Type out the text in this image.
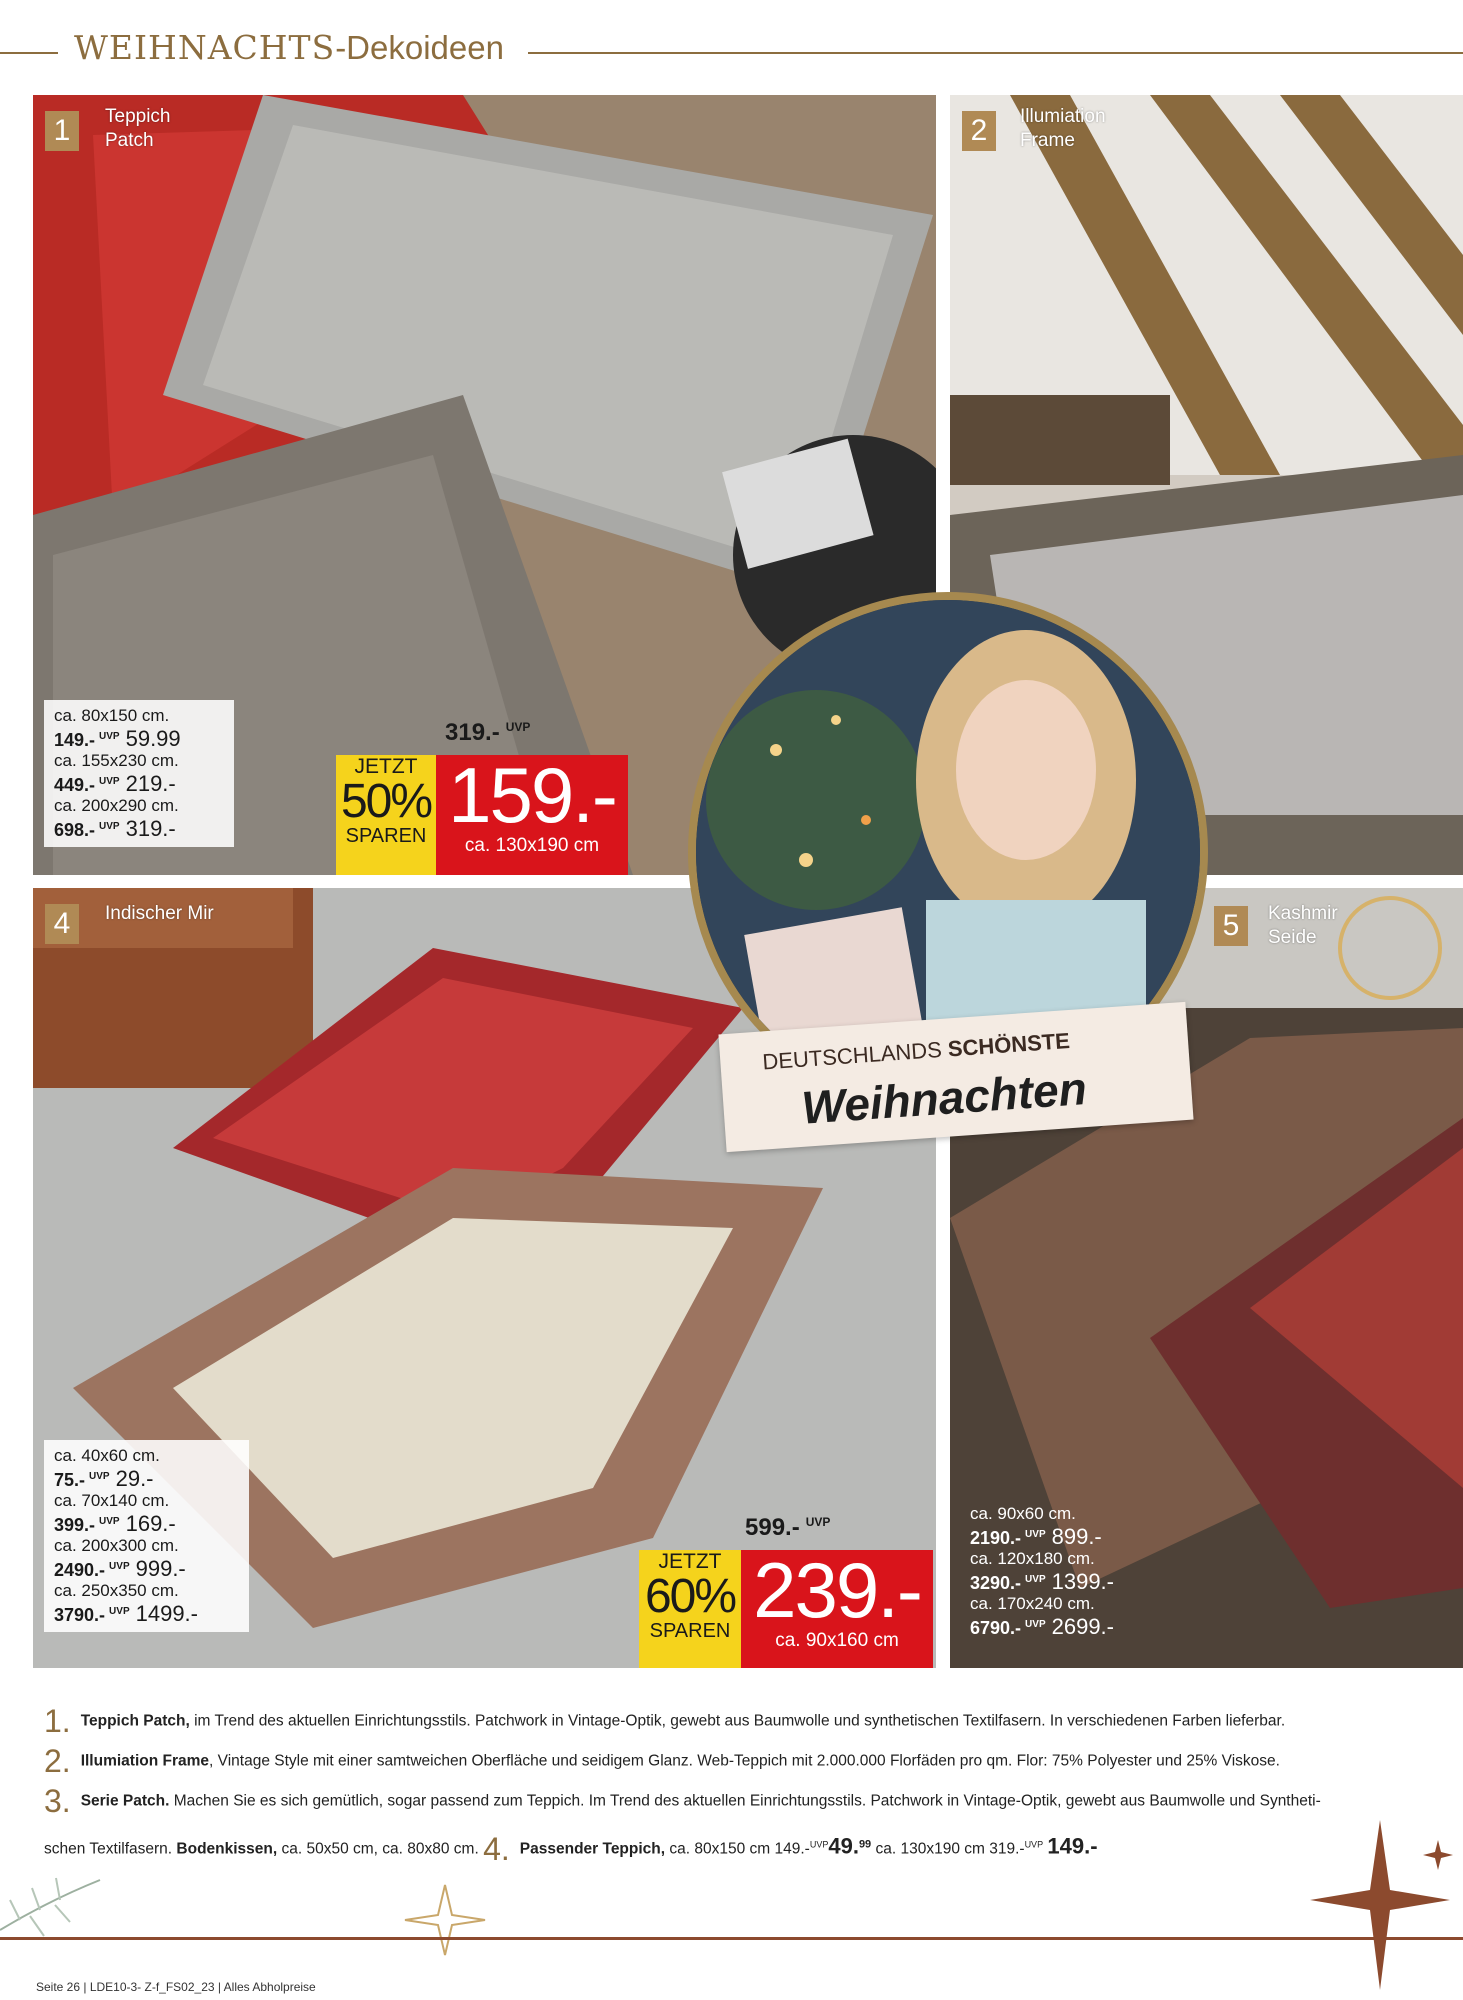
WEIHNACHTS-Dekoideen
1	Teppich
Patch
ca. 80x150 cm.
149.- $^{UVP}$ 59.99
ca. 155x230 cm.
449.- $^{UVP}$ 219.-
ca. 200x290 cm.
698.- $^{UVP}$ 319.-
319.- $^{UVP}$
JETZT
50%
SPAREN 159.-
ca. 130x190 cm
2	Illumiation
Frame
4	Indischer Mir
ca. 40x60 cm.
75.- $^{UVP}$ 29.-
ca. 70x140 cm.
399.- $^{UVP}$ 169.-
ca. 200x300 cm.
2490.- $^{UVP}$ 999.-
ca. 250x350 cm.
3790.- $^{UVP}$ 1499.-
599.- $^{UVP}$
JETZT
60%
SPAREN 239.-
ca. 90x160 cm
5	Kashmir
Seide
ca. 90x60 cm.
2190.- $^{UVP}$ 899.-
ca. 120x180 cm.
3290.- $^{UVP}$ 1399.-
ca. 170x240 cm.
6790.- $^{UVP}$ 2699.-
DEUTSCHLANDS SCHÖNSTE
Weihnachten
1. Teppich Patch, im Trend des aktuellen Einrichtungsstils. Patchwork in Vintage-Optik, gewebt aus Baumwolle und synthetischen Textilfasern. In verschiedenen Farben lieferbar.
2. Illumiation Frame, Vintage Style mit einer samtweichen Oberfläche und seidigem Glanz. Web-Teppich mit 2.000.000 Florfäden pro qm. Flor: 75% Polyester und 25% Viskose.
3. Serie Patch. Machen Sie es sich gemütlich, sogar passend zum Teppich. Im Trend des aktuellen Einrichtungsstils. Patchwork in Vintage-Optik, gewebt aus Baumwolle und Syntheti-
schen Textilfasern. Bodenkissen, ca. 50x50 cm, ca. 80x80 cm. 4. Passender Teppich, ca. 80x150 cm 149.-$^{UVP}$49.99 ca. 130x190 cm 319.-$^{UVP}$ 149.-
Seite 26 | LDE10-3- Z-f_FS02_23 | Alles Abholpreise
